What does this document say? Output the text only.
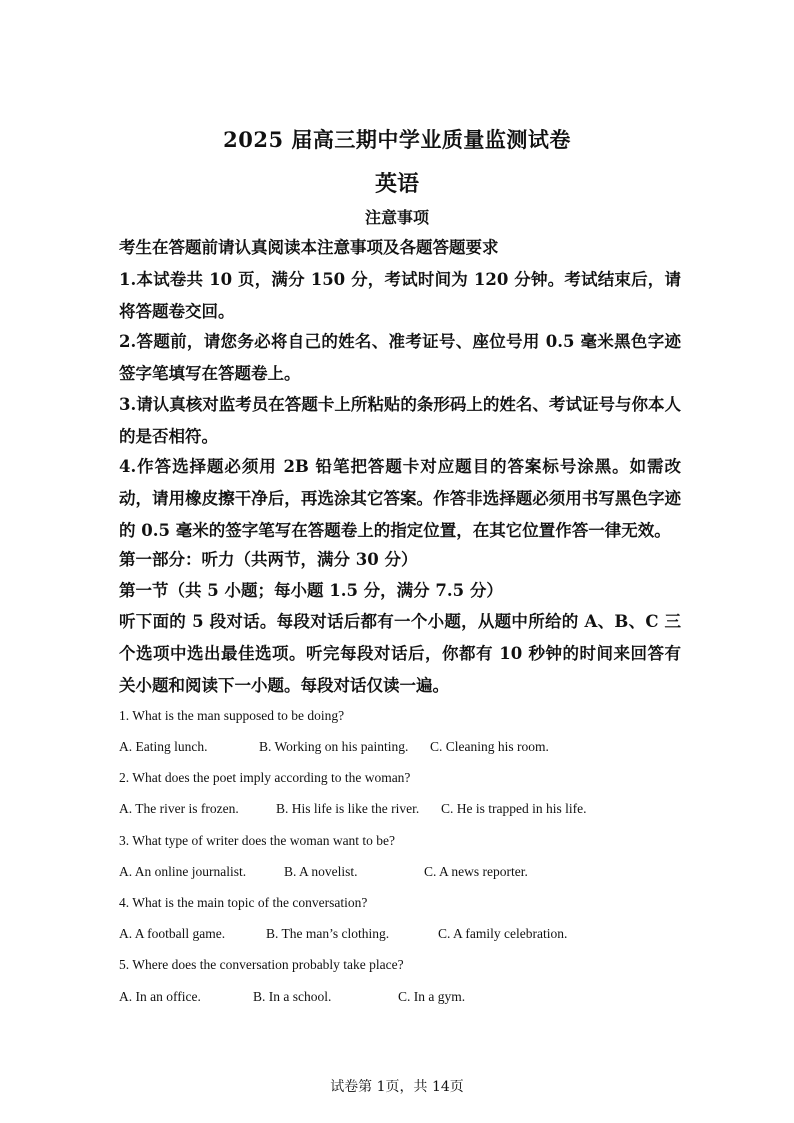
2025 届高三期中学业质量监测试卷
英语
注意事项
考生在答题前请认真阅读本注意事项及各题答题要求
1.本试卷共 10 页，满分 150 分，考试时间为 120 分钟。考试结束后，请将答题卷交回。
2.答题前，请您务必将自己的姓名、准考证号、座位号用 0.5 毫米黑色字迹签字笔填写在答题卷上。
3.请认真核对监考员在答题卡上所粘贴的条形码上的姓名、考试证号与你本人的是否相符。
4.作答选择题必须用 2B 铅笔把答题卡对应题目的答案标号涂黑。如需改动，请用橡皮擦干净后，再选涂其它答案。作答非选择题必须用书写黑色字迹的 0.5 毫米的签字笔写在答题卷上的指定位置，在其它位置作答一律无效。
第一部分：听力（共两节，满分 30 分）
第一节（共 5 小题；每小题 1.5 分，满分 7.5 分）
听下面的 5 段对话。每段对话后都有一个小题，从题中所给的 A、B、C 三个选项中选出最佳选项。听完每段对话后，你都有 10 秒钟的时间来回答有关小题和阅读下一小题。每段对话仅读一遍。
1. What is the man supposed to be doing?
A. Eating lunch.	B. Working on his painting. C. Cleaning his room.
2. What does the poet imply according to the woman?
A. The river is frozen.	B. His life is like the river. C. He is trapped in his life.
3. What type of writer does the woman want to be?
A. An online journalist.	B. A novelist.	C. A news reporter.
4. What is the main topic of the conversation?
A. A football game.	B. The man’s clothing.	C. A family celebration.
5. Where does the conversation probably take place?
A. In an office.	B. In a school.	C. In a gym.
试卷第 1页，共 14页
